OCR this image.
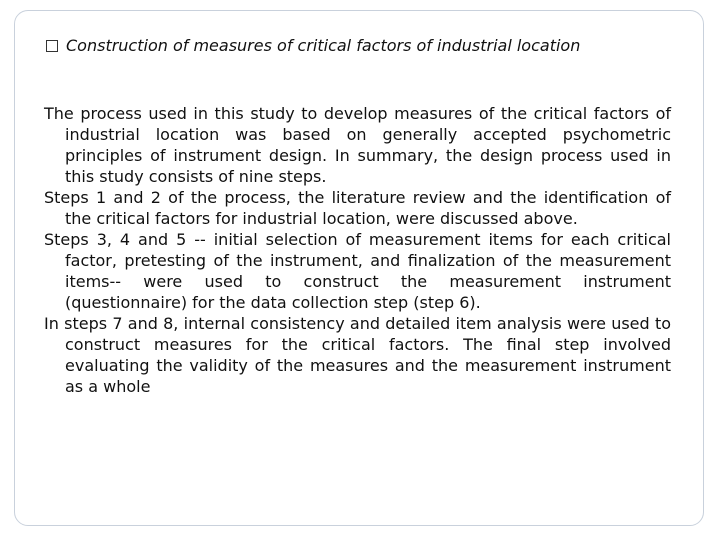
Construction of measures of critical factors of industrial location

The process used in this study to develop measures of the critical factors of industrial location was based on generally accepted psychometric principles of instrument design. In summary, the design process used in this study consists of nine steps.

Steps 1 and 2 of the process, the literature review and the identification of the critical factors for industrial location, were discussed above.

Steps 3, 4 and 5 -- initial selection of measurement items for each critical factor, pretesting of the instrument, and finalization of the measurement items-- were used to construct the measurement instrument (questionnaire) for the data collection step (step 6).

In steps 7 and 8, internal consistency and detailed item analysis were used to construct measures for the critical factors. The final step involved evaluating the validity of the measures and the measurement instrument as a whole
